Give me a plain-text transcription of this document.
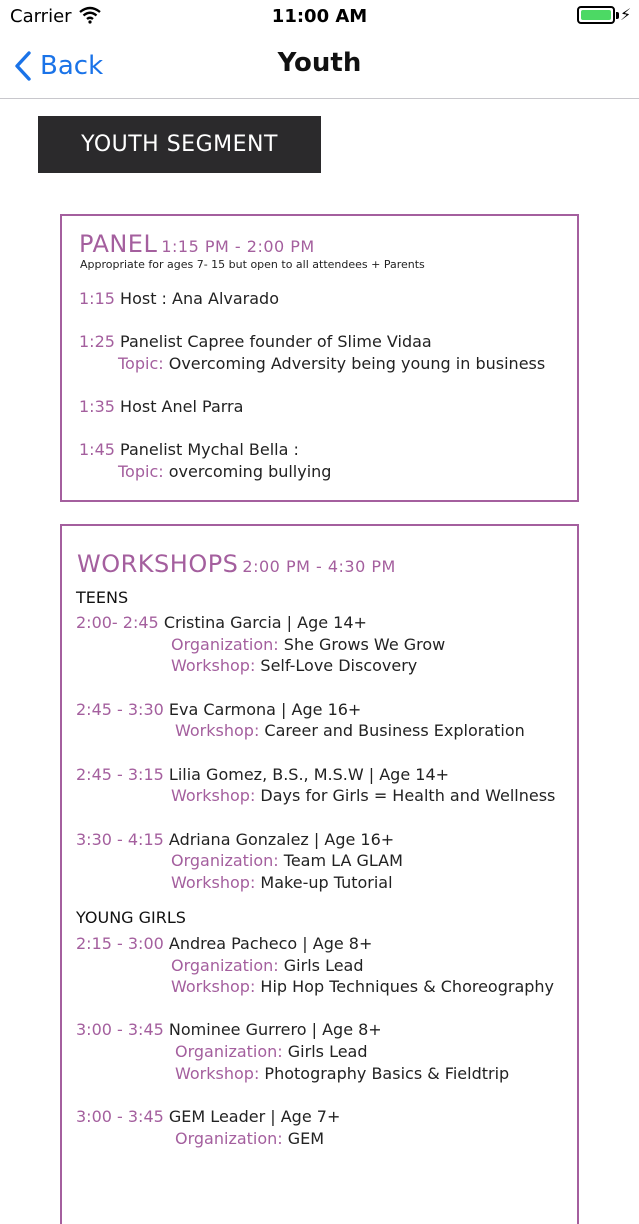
Carrier	11:00 AM	⚡
Back	Youth
YOUTH SEGMENT
PANEL 1:15 PM - 2:00 PM
Appropriate for ages 7- 15 but open to all attendees + Parents
1:15 Host : Ana Alvarado
1:25 Panelist Capree founder of Slime Vidaa
Topic: Overcoming Adversity being young in business
1:35 Host Anel Parra
1:45 Panelist Mychal Bella :
Topic: overcoming bullying
WORKSHOPS 2:00 PM - 4:30 PM
TEENS
2:00- 2:45 Cristina Garcia | Age 14+
Organization: She Grows We Grow
Workshop: Self-Love Discovery
2:45 - 3:30 Eva Carmona | Age 16+
Workshop: Career and Business Exploration
2:45 - 3:15 Lilia Gomez, B.S., M.S.W | Age 14+
Workshop: Days for Girls = Health and Wellness
3:30 - 4:15 Adriana Gonzalez | Age 16+
Organization: Team LA GLAM
Workshop: Make-up Tutorial
YOUNG GIRLS
2:15 - 3:00 Andrea Pacheco | Age 8+
Organization: Girls Lead
Workshop: Hip Hop Techniques & Choreography
3:00 - 3:45 Nominee Gurrero | Age 8+
Organization: Girls Lead
Workshop: Photography Basics & Fieldtrip
3:00 - 3:45 GEM Leader | Age 7+
Organization: GEM
